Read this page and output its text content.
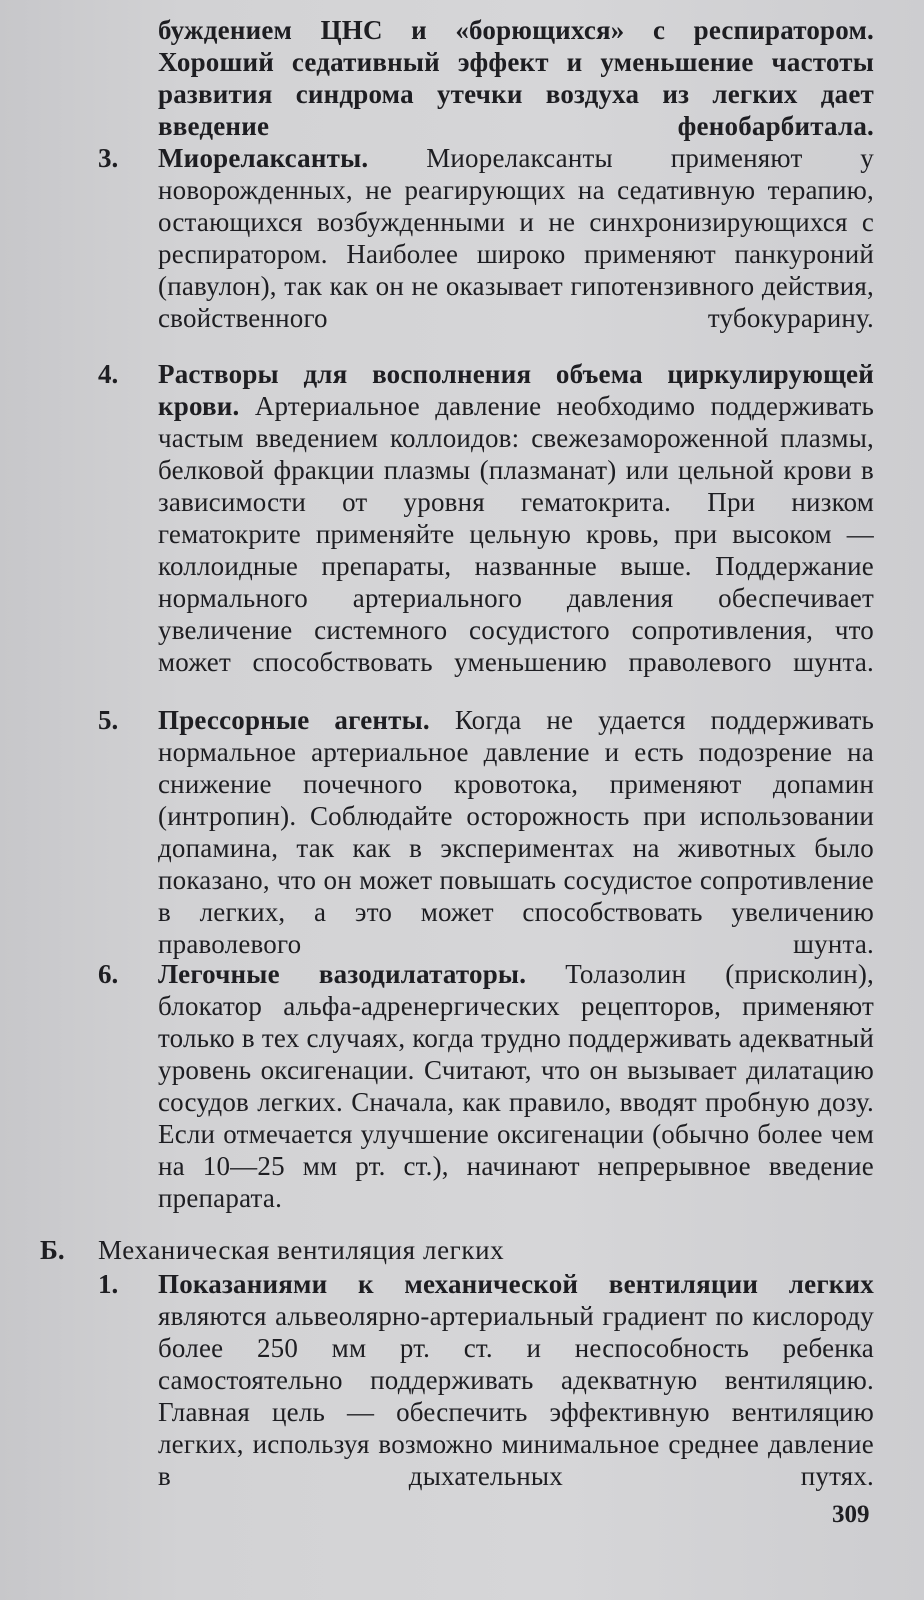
буждением ЦНС и «борющихся» с респиратором. Хороший седативный эффект и уменьшение частоты развития синдрома утечки воздуха из легких дает введение фенобарбитала.

3. Миорелаксанты. Миорелаксанты применяют у новорожденных, не реагирующих на седативную терапию, остающихся возбужденными и не синхронизирующихся с респиратором. Наиболее широко применяют панкуроний (павулон), так как он не оказывает гипотензивного действия, свойственного тубокурарину.

4. Растворы для восполнения объема циркулирующей крови. Артериальное давление необходимо поддерживать частым введением коллоидов: свежезамороженной плазмы, белковой фракции плазмы (плазманат) или цельной крови в зависимости от уровня гематокрита. При низком гематокрите применяйте цельную кровь, при высоком — коллоидные препараты, названные выше. Поддержание нормального артериального давления обеспечивает увеличение системного сосудистого сопротивления, что может способствовать уменьшению праволевого шунта.

5. Прессорные агенты. Когда не удается поддерживать нормальное артериальное давление и есть подозрение на снижение почечного кровотока, применяют допамин (интропин). Соблюдайте осторожность при использовании допамина, так как в экспериментах на животных было показано, что он может повышать сосудистое сопротивление в легких, а это может способствовать увеличению праволевого шунта.

6. Легочные вазодилататоры. Толазолин (присколин), блокатор альфа-адренергических рецепторов, применяют только в тех случаях, когда трудно поддерживать адекватный уровень оксигенации. Считают, что он вызывает дилатацию сосудов легких. Сначала, как правило, вводят пробную дозу. Если отмечается улучшение оксигенации (обычно более чем на 10—25 мм рт. ст.), начинают непрерывное введение препарата.

Б. Механическая вентиляция легких
1. Показаниями к механической вентиляции легких являются альвеолярно-артериальный градиент по кислороду более 250 мм рт. ст. и неспособность ребенка самостоятельно поддерживать адекватную вентиляцию. Главная цель — обеспечить эффективную вентиляцию легких, используя возможно минимальное среднее давление в дыхательных путях.

309
